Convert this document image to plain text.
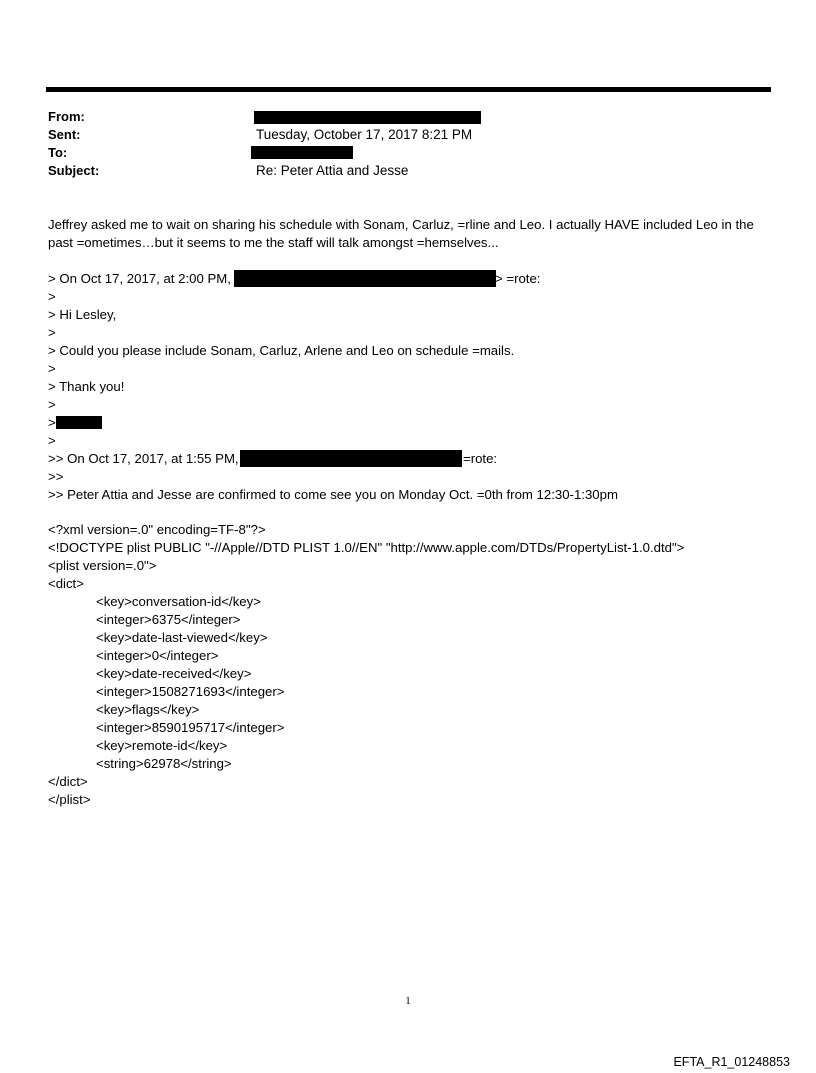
From:
Sent:	Tuesday, October 17, 2017 8:21 PM
To:
Subject:	Re: Peter Attia and Jesse
Jeffrey asked me to wait on sharing his schedule with Sonam, Carluz, =rline and Leo. I actually HAVE included Leo in the
past =ometimes…but it seems to me the staff will talk amongst =hemselves...
> On Oct 17, 2017, at 2:00 PM,	> =rote:
>
> Hi Lesley,
>
> Could you please include Sonam, Carluz, Arlene and Leo on schedule =mails.
>
> Thank you!
>
>
>
>> On Oct 17, 2017, at 1:55 PM,	=rote:
>>
>> Peter Attia and Jesse are confirmed to come see you on Monday Oct. =0th from 12:30-1:30pm
<?xml version=.0" encoding=TF-8"?>
<!DOCTYPE plist PUBLIC "-//Apple//DTD PLIST 1.0//EN" "http://www.apple.com/DTDs/PropertyList-1.0.dtd">
<plist version=.0">
<dict>
<key>conversation-id</key>
<integer>6375</integer>
<key>date-last-viewed</key>
<integer>0</integer>
<key>date-received</key>
<integer>1508271693</integer>
<key>flags</key>
<integer>8590195717</integer>
<key>remote-id</key>
<string>62978</string>
</dict>
</plist>
1
EFTA_R1_01248853
